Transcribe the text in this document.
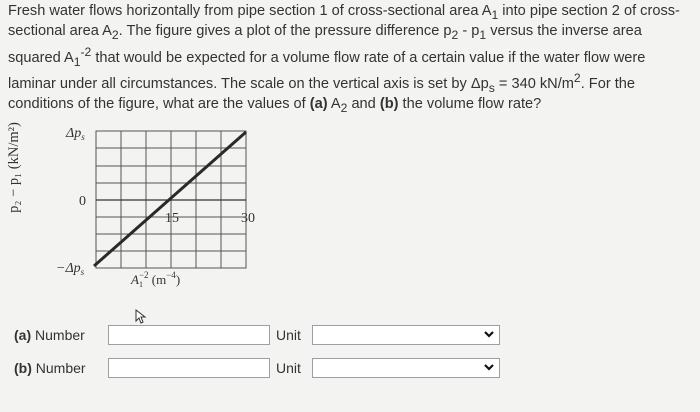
Fresh water flows horizontally from pipe section 1 of cross-sectional area $A_1$ into pipe section 2 of cross-sectional area $A_2$. The figure gives a plot of the pressure difference $p_2 - p_1$ versus the inverse area squared $A_1^{-2}$ that would be expected for a volume flow rate of a certain value if the water flow were laminar under all circumstances. The scale on the vertical axis is set by $\Delta p_s = 340$ $kN/m^2$. For the conditions of the figure, what are the values of (a) $A_2$ and (b) the volume flow rate?

$\Delta p_s$
0
$-\Delta p_s$
15	30
$A^{-2}$ $(m^{-4})$
1
p₂ − p₁ (kN/m²)
(a) Number	Unit
(b) Number	Unit
